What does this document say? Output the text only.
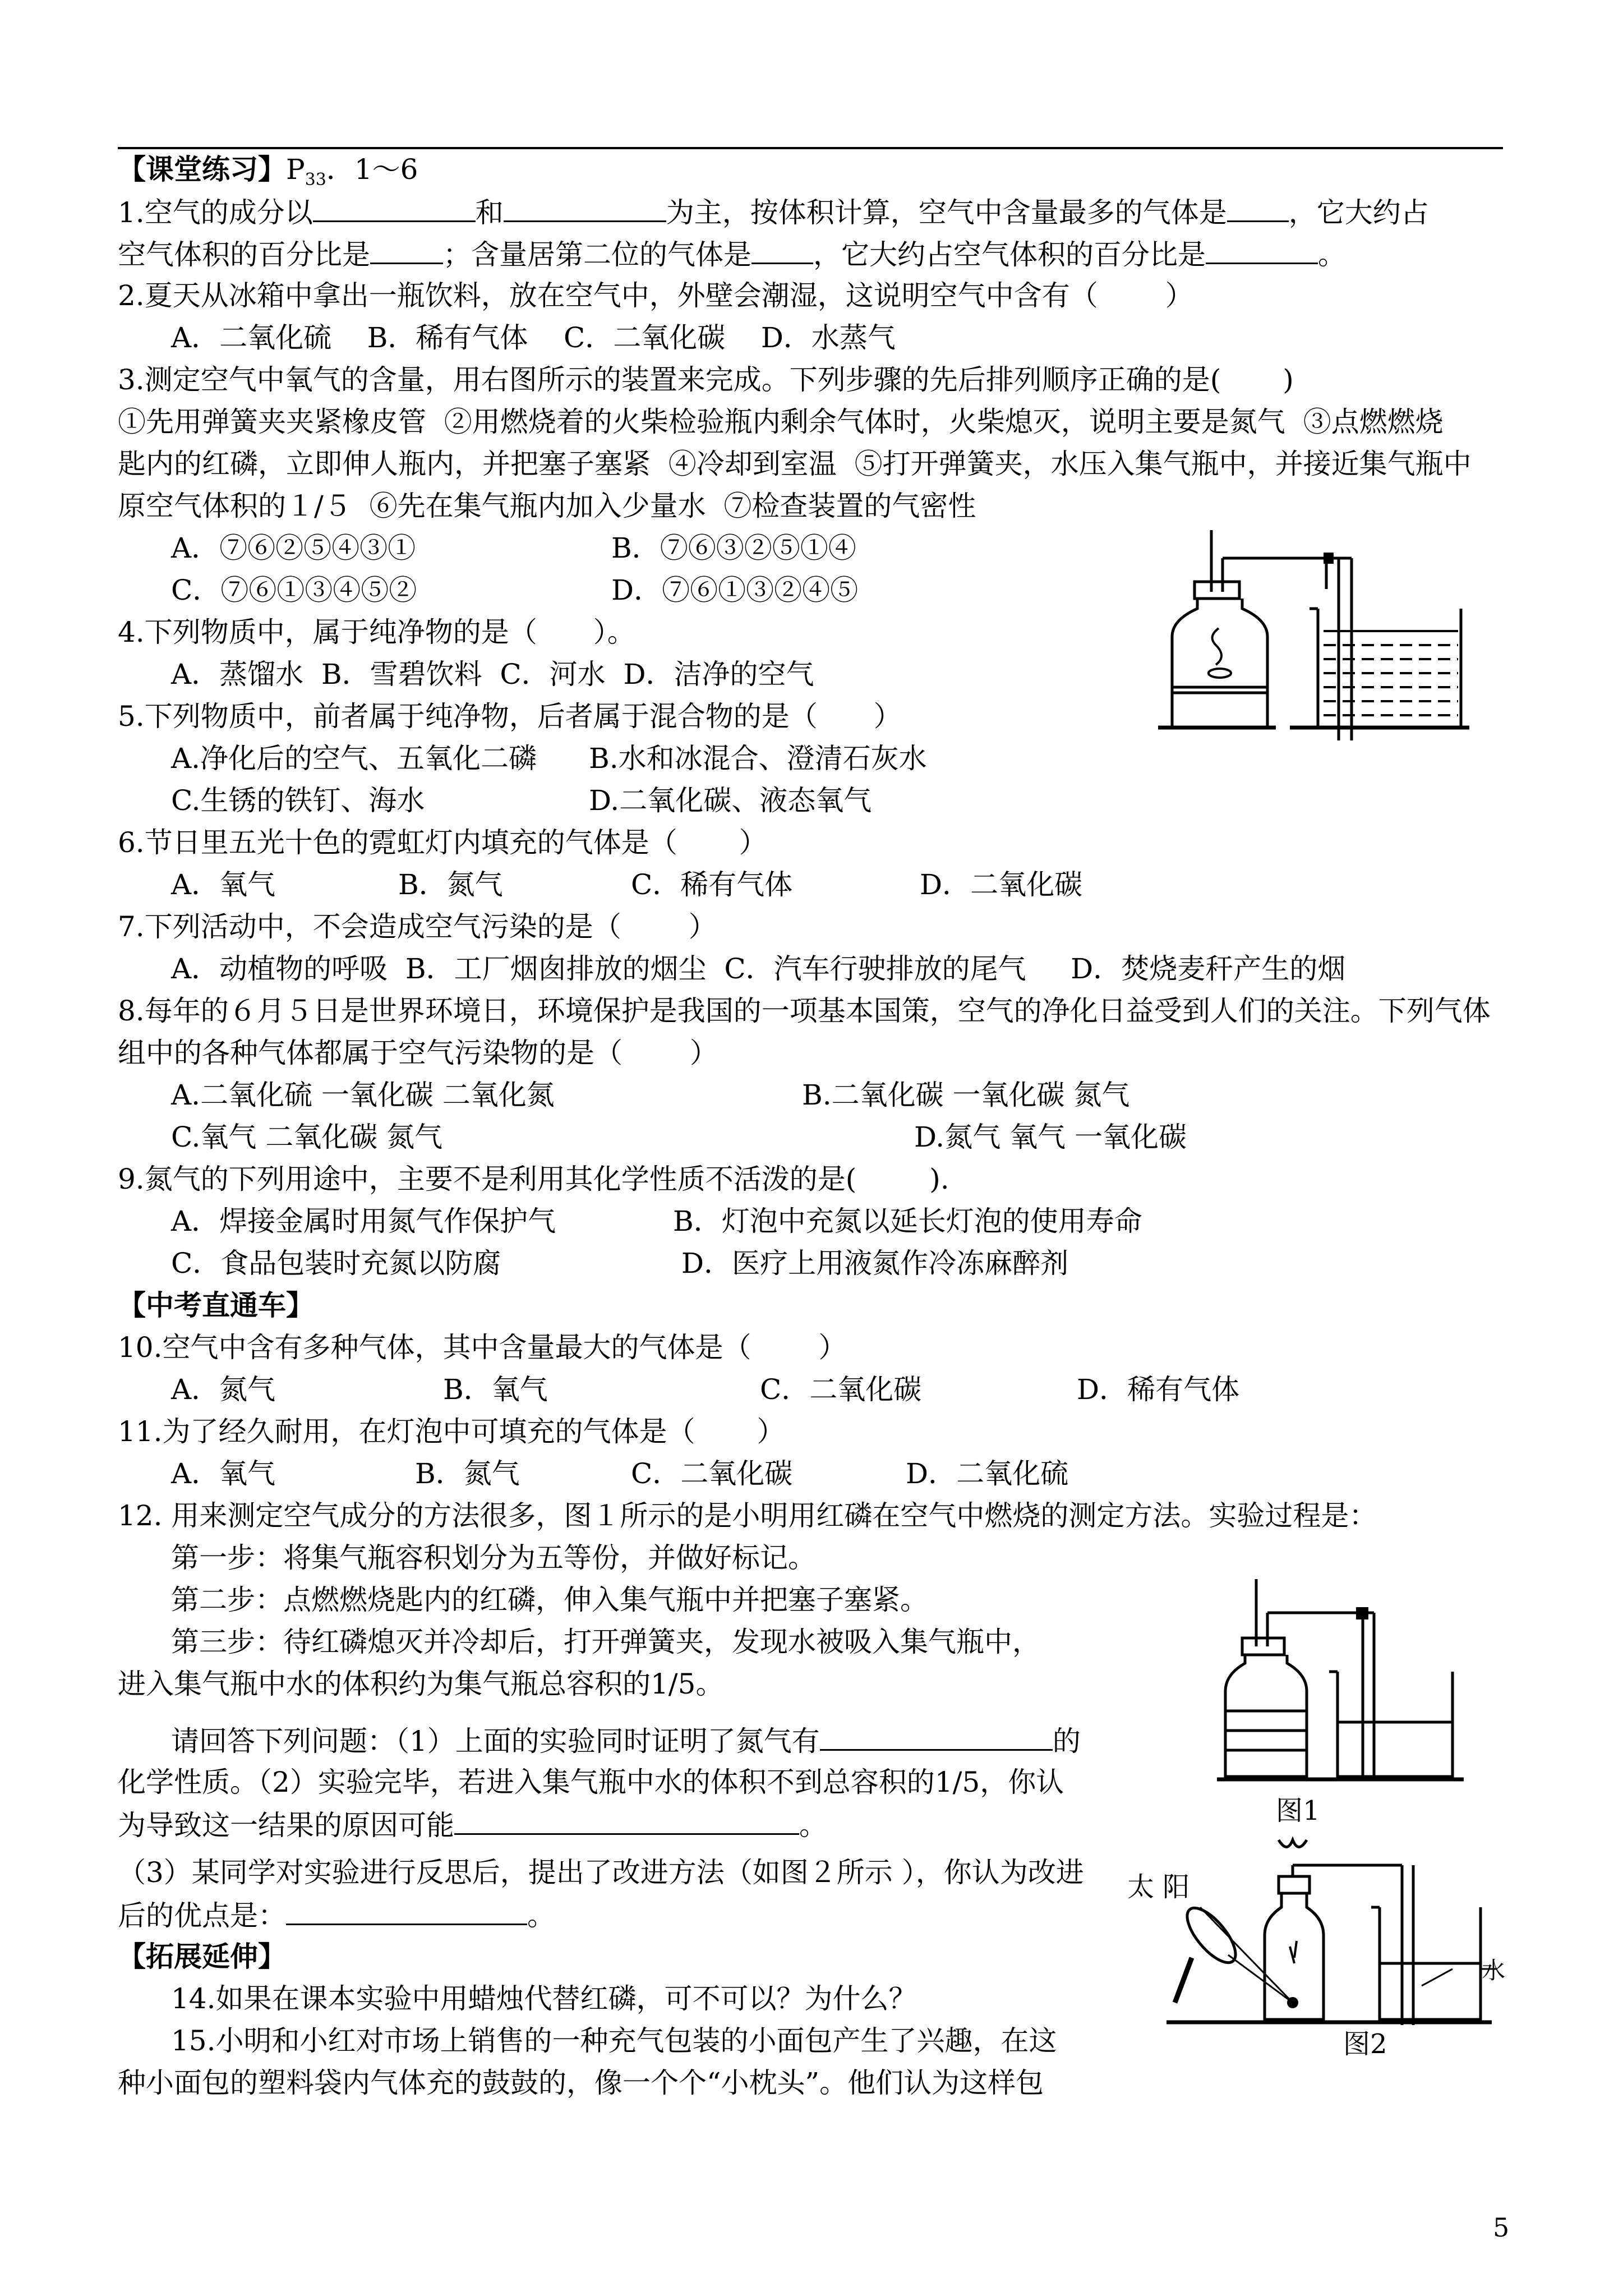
【课堂练习】$P_{33}$．1～6
1.空气的成分以	和	为主，按体积计算，空气中含量最多的气体是 ，它大约占
空气体积的百分比是	；含量居第二位的气体是 ，它大约占空气体积的百分比是	。
2.夏天从冰箱中拿出一瓶饮料，放在空气中，外壁会潮湿，这说明空气中含有（ ）
A．二氧化硫    B．稀有气体    C．二氧化碳    D．水蒸气
3.测定空气中氧气的含量，用右图所示的装置来完成。下列步骤的先后排列顺序正确的是( )
①先用弹簧夹夹紧橡皮管  ②用燃烧着的火柴检验瓶内剩余气体时，火柴熄灭，说明主要是氮气  ③点燃燃烧
匙内的红磷，立即伸人瓶内，并把塞子塞紧  ④冷却到室温  ⑤打开弹簧夹，水压入集气瓶中，并接近集气瓶中
原空气体积的１/５  ⑥先在集气瓶内加入少量水  ⑦检查装置的气密性
A．⑦⑥②⑤④③①	B．⑦⑥③②⑤①④
C．⑦⑥①③④⑤②	D．⑦⑥①③②④⑤
4.下列物质中，属于纯净物的是（ ）。
A．蒸馏水  B．雪碧饮料  C．河水  D．洁净的空气
5.下列物质中，前者属于纯净物，后者属于混合物的是（ ）
A.净化后的空气、五氧化二磷 B.水和冰混合、澄清石灰水
C.生锈的铁钉、海水	D.二氧化碳、液态氧气
6.节日里五光十色的霓虹灯内填充的气体是（ ）
A．氧气	B．氮气	C．稀有气体	D．二氧化碳
7.下列活动中，不会造成空气污染的是（ ）
A．动植物的呼吸  B．工厂烟囱排放的烟尘  C．汽车行驶排放的尾气     D．焚烧麦秆产生的烟
8.每年的６月５日是世界环境日，环境保护是我国的一项基本国策，空气的净化日益受到人们的关注。下列气体
组中的各种气体都属于空气污染物的是（ ）
A.二氧化硫 一氧化碳 二氧化氮	B.二氧化碳 一氧化碳 氮气
C.氧气 二氧化碳 氮气	D.氮气 氧气 一氧化碳
9.氮气的下列用途中，主要不是利用其化学性质不活泼的是(	).
A．焊接金属时用氮气作保护气	B．灯泡中充氮以延长灯泡的使用寿命
C．食品包装时充氮以防腐	D．医疗上用液氮作冷冻麻醉剂
【中考直通车】
10.空气中含有多种气体，其中含量最大的气体是（ ）
A．氮气	B．氧气	C．二氧化碳	D．稀有气体
11.为了经久耐用，在灯泡中可填充的气体是（ ）
A．氧气	B．氮气	C．二氧化碳	D．二氧化硫
12. 用来测定空气成分的方法很多，图１所示的是小明用红磷在空气中燃烧的测定方法。实验过程是：
第一步：将集气瓶容积划分为五等份，并做好标记。
第二步：点燃燃烧匙内的红磷，伸入集气瓶中并把塞子塞紧。
第三步：待红磷熄灭并冷却后，打开弹簧夹，发现水被吸入集气瓶中，
进入集气瓶中水的体积约为集气瓶总容积的1/5。
请回答下列问题：（1）上面的实验同时证明了氮气有	的
化学性质。（2）实验完毕，若进入集气瓶中水的体积不到总容积的1/5，你认
为导致这一结果的原因可能	。
（3）某同学对实验进行反思后，提出了改进方法（如图２所示 ），你认为改进
后的优点是：	。
图1
太 阳
水
图2
【拓展延伸】
14.如果在课本实验中用蜡烛代替红磷，可不可以？为什么？
15.小明和小红对市场上销售的一种充气包装的小面包产生了兴趣，在这
种小面包的塑料袋内气体充的鼓鼓的，像一个个“小枕头”。他们认为这样包
5
